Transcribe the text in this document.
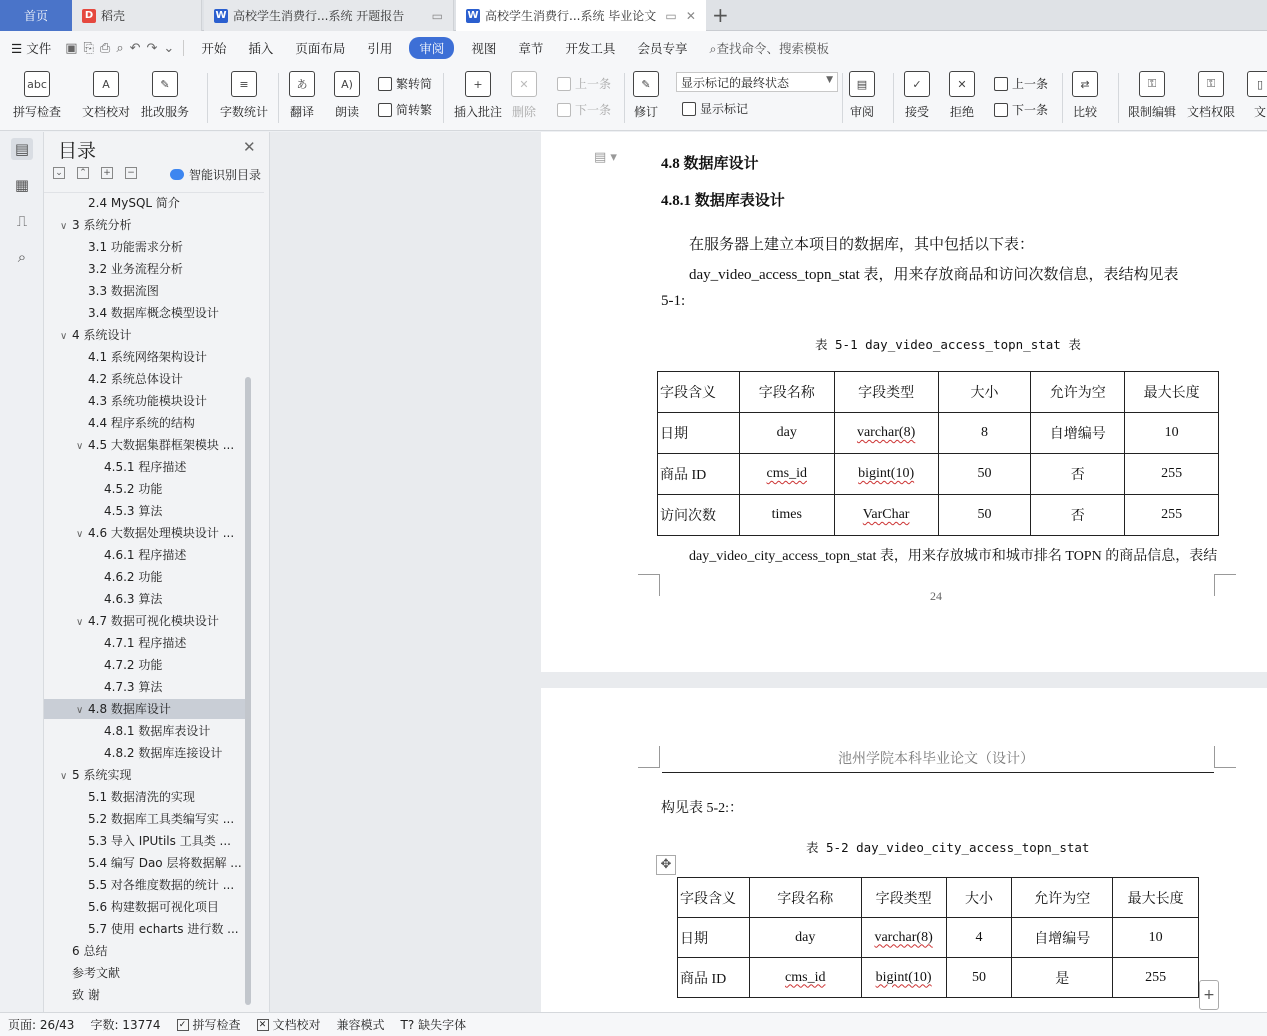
首页	D 稻壳	W 高校学生消费行...系统 开题报告	▭ W 高校学生消费行...系统 毕业论文 ▭ ✕ +
☰ 文件	▣ ⎘ ⎙ ⌕ ↶ ↷ ⌄	开始	插入	页面布局	引用	审阅	视图	章节	开发工具	会员专享	⌕查找命令、搜索模板
abc
拼写检查
A
文档校对
✎
批改服务
≡
字数统计
あ
翻译
A)
朗读
繁转简
简转繁
+
插入批注
✕
删除
上一条
下一条
✎
修订
显示标记的最终状态	▼
显示标记
▤
审阅
✓
接受
✕
拒绝
上一条
下一条
⇄
比较
⚿
限制编辑
⚿
文档权限
▯
文
▤
▦
⎍
⌕
目录	✕
⌄ ⌃ + −	智能识别目录
2.4 MySQL 简介
∨ 3 系统分析
3.1 功能需求分析
3.2 业务流程分析
3.3 数据流图
3.4 数据库概念模型设计
∨ 4 系统设计
4.1 系统网络架构设计
4.2 系统总体设计
4.3 系统功能模块设计
4.4 程序系统的结构
∨ 4.5 大数据集群框架模块 ...
4.5.1 程序描述
4.5.2 功能
4.5.3 算法
∨ 4.6 大数据处理模块设计 ...
4.6.1 程序描述
4.6.2 功能
4.6.3 算法
∨ 4.7 数据可视化模块设计
4.7.1 程序描述
4.7.2 功能
4.7.3 算法
∨ 4.8 数据库设计
4.8.1 数据库表设计
4.8.2 数据库连接设计
∨ 5 系统实现
5.1 数据清洗的实现
5.2 数据库工具类编写实 ...
5.3 导入 IPUtils 工具类 ...
5.4 编写 Dao 层将数据解 ...
5.5 对各维度数据的统计 ...
5.6 构建数据可视化项目
5.7 使用 echarts 进行数 ...
6 总结
参考文献
致 谢
▤ ▾	4.8 数据库设计
4.8.1 数据库表设计
在服务器上建立本项目的数据库，其中包括以下表：
day_video_access_topn_stat 表，用来存放商品和访问次数信息，表结构见表
5-1:
表 5-1 day_video_access_topn_stat 表
字段含义	字段名称	字段类型	大小	允许为空	最大长度
日期	day	varchar(8)	8	自增编号	10
商品 ID	cms_id	bigint(10)	50	否	255
访问次数	times	VarChar	50	否	255
day_video_city_access_topn_stat 表，用来存放城市和城市排名 TOPN 的商品信息，表结
24
池州学院本科毕业论文（设计）
构见表 5-2:：
表 5-2 day_video_city_access_topn_stat
✥
字段含义	字段名称	字段类型	大小	允许为空	最大长度
日期	day	varchar(8)	4	自增编号	10
商品 ID	cms_id	bigint(10)	50	是	255
+
页面: 26/43	字数: 13774	✓ 拼写检查 ✕ 文档校对	兼容模式	T?
缺失字体
